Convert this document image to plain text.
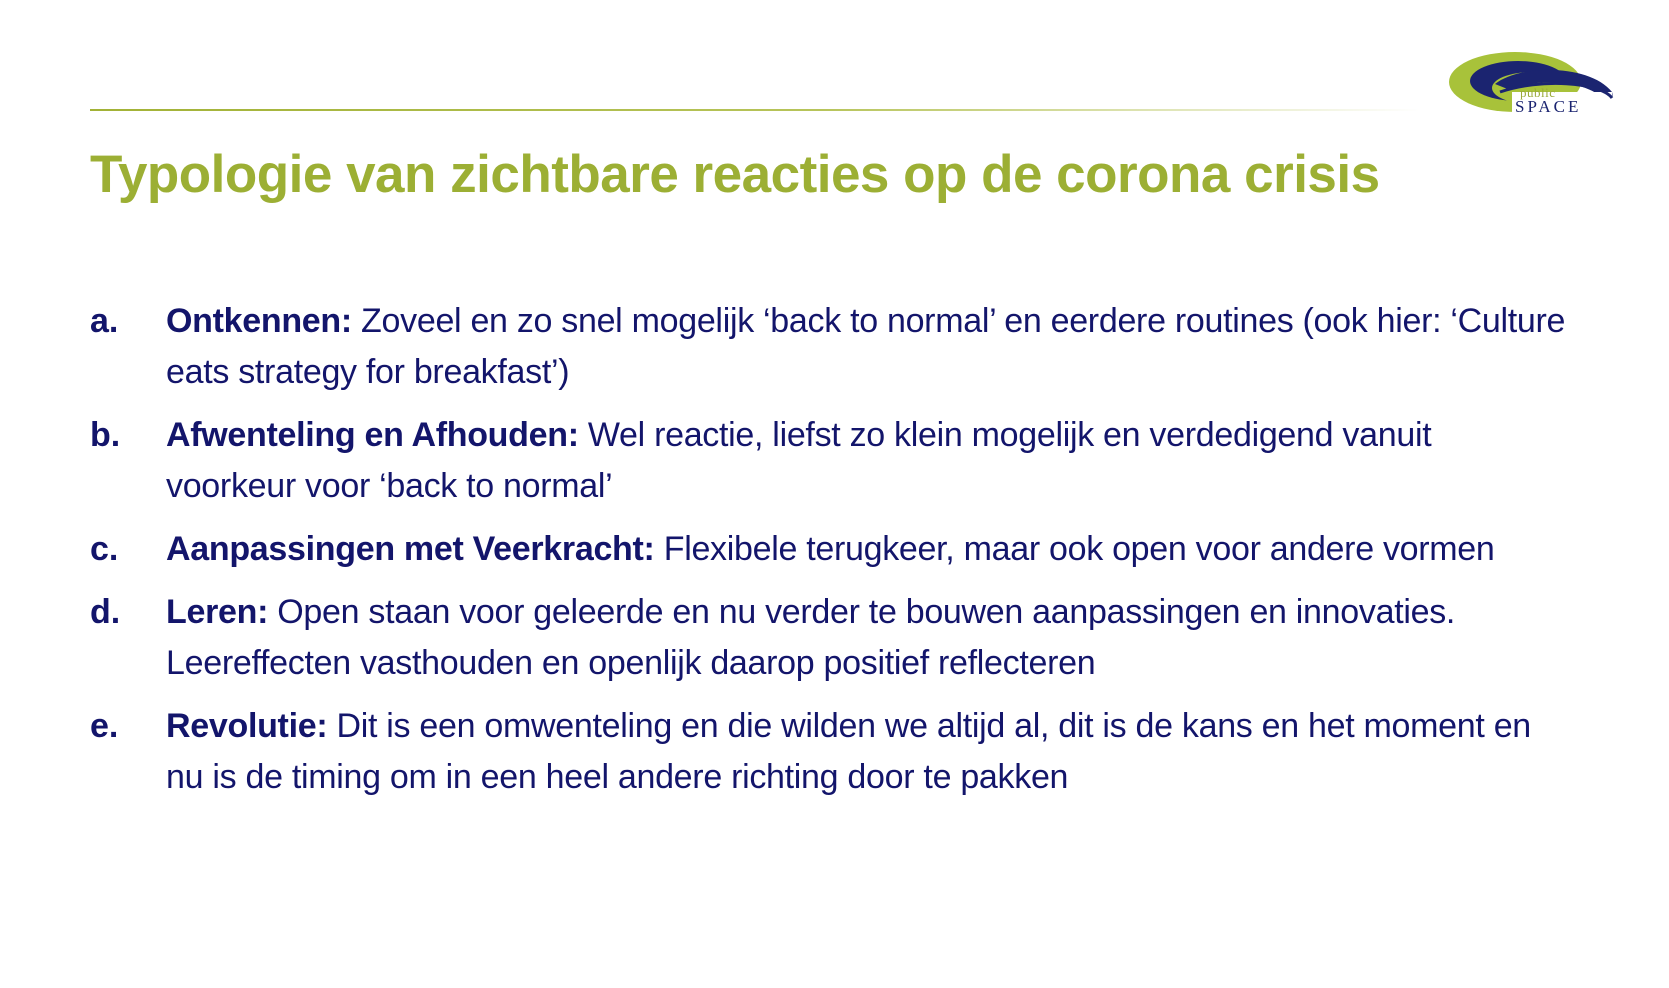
public
SPACE
Typologie van zichtbare reacties op de corona crisis
a.	Ontkennen: Zoveel en zo snel mogelijk ‘back to normal’ en eerdere routines (ook hier: ‘Culture eats strategy for breakfast’)
b.	Afwenteling en Afhouden: Wel reactie, liefst zo klein mogelijk en verdedigend vanuit voorkeur voor ‘back to normal’
c.	Aanpassingen met Veerkracht: Flexibele terugkeer, maar ook open voor andere vormen
d.	Leren: Open staan voor geleerde en nu verder te bouwen aanpassingen en innovaties. Leereffecten vasthouden en openlijk daarop positief reflecteren
e.	Revolutie: Dit is een omwenteling en die wilden we altijd al, dit is de kans en het moment en nu is de timing om in een heel andere richting door te pakken
